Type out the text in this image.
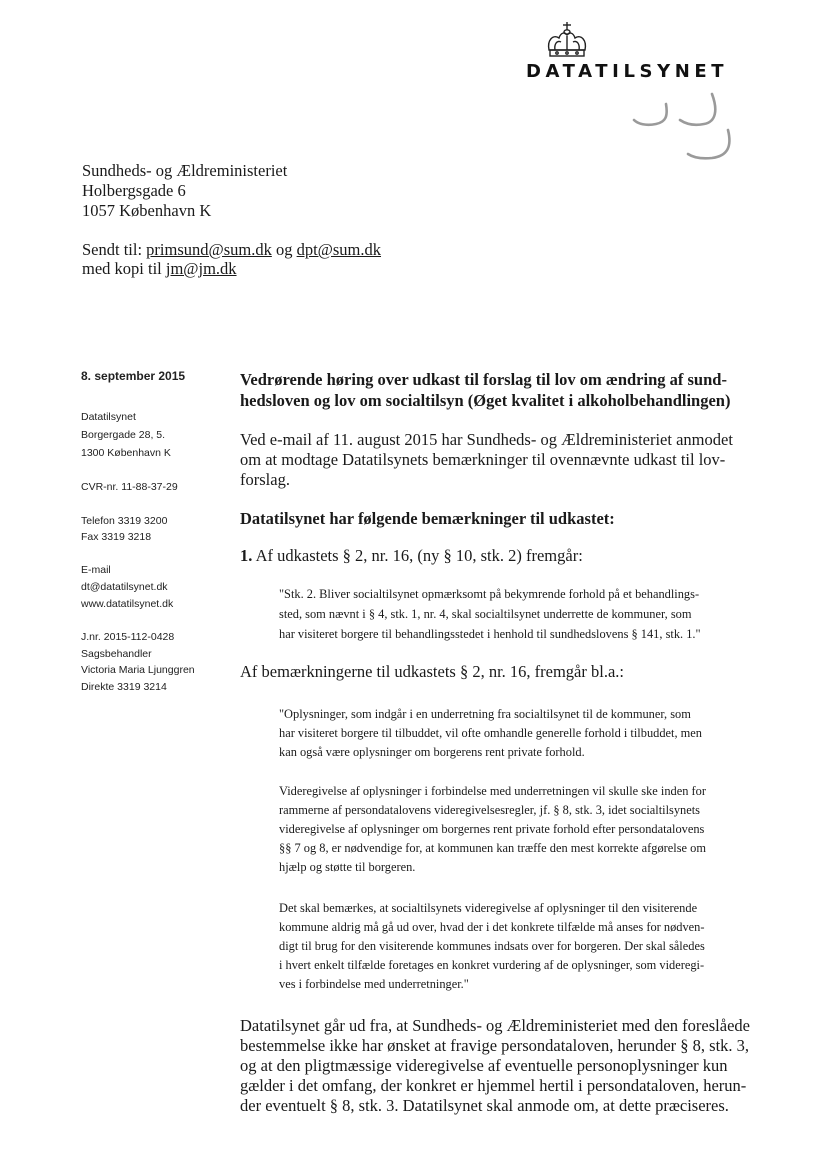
DATATILSYNET
Sundheds- og Ældreministeriet
Holbergsgade 6
1057 København K
Sendt til: primsund@sum.dk og dpt@sum.dk
med kopi til jm@jm.dk
8. september 2015
Datatilsynet
Borgergade 28, 5.
1300 København K
CVR-nr. 11-88-37-29
Telefon 3319 3200
Fax 3319 3218
E-mail
dt@datatilsynet.dk
www.datatilsynet.dk
J.nr. 2015-112-0428
Sagsbehandler
Victoria Maria Ljunggren
Direkte 3319 3214
Vedrørende høring over udkast til forslag til lov om ændring af sund-
hedsloven og lov om socialtilsyn (Øget kvalitet i alkoholbehandlingen)
Ved e-mail af 11. august 2015 har Sundheds- og Ældreministeriet anmodet
om at modtage Datatilsynets bemærkninger til ovennævnte udkast til lov-
forslag.
Datatilsynet har følgende bemærkninger til udkastet:
1. Af udkastets § 2, nr. 16, (ny § 10, stk. 2) fremgår:
"Stk. 2. Bliver socialtilsynet opmærksomt på bekymrende forhold på et behandlings-
sted, som nævnt i § 4, stk. 1, nr. 4, skal socialtilsynet underrette de kommuner, som
har visiteret borgere til behandlingsstedet i henhold til sundhedslovens § 141, stk. 1."
Af bemærkningerne til udkastets § 2, nr. 16, fremgår bl.a.:
"Oplysninger, som indgår i en underretning fra socialtilsynet til de kommuner, som
har visiteret borgere til tilbuddet, vil ofte omhandle generelle forhold i tilbuddet, men
kan også være oplysninger om borgerens rent private forhold.
Videregivelse af oplysninger i forbindelse med underretningen vil skulle ske inden for
rammerne af persondatalovens videregivelsesregler, jf. § 8, stk. 3, idet socialtilsynets
videregivelse af oplysninger om borgernes rent private forhold efter persondatalovens
§§ 7 og 8, er nødvendige for, at kommunen kan træffe den mest korrekte afgørelse om
hjælp og støtte til borgeren.
Det skal bemærkes, at socialtilsynets videregivelse af oplysninger til den visiterende
kommune aldrig må gå ud over, hvad der i det konkrete tilfælde må anses for nødven-
digt til brug for den visiterende kommunes indsats over for borgeren. Der skal således
i hvert enkelt tilfælde foretages en konkret vurdering af de oplysninger, som videregi-
ves i forbindelse med underretninger."
Datatilsynet går ud fra, at Sundheds- og Ældreministeriet med den foreslåede
bestemmelse ikke har ønsket at fravige persondataloven, herunder § 8, stk. 3,
og at den pligtmæssige videregivelse af eventuelle personoplysninger kun
gælder i det omfang, der konkret er hjemmel hertil i persondataloven, herun-
der eventuelt § 8, stk. 3. Datatilsynet skal anmode om, at dette præciseres.
